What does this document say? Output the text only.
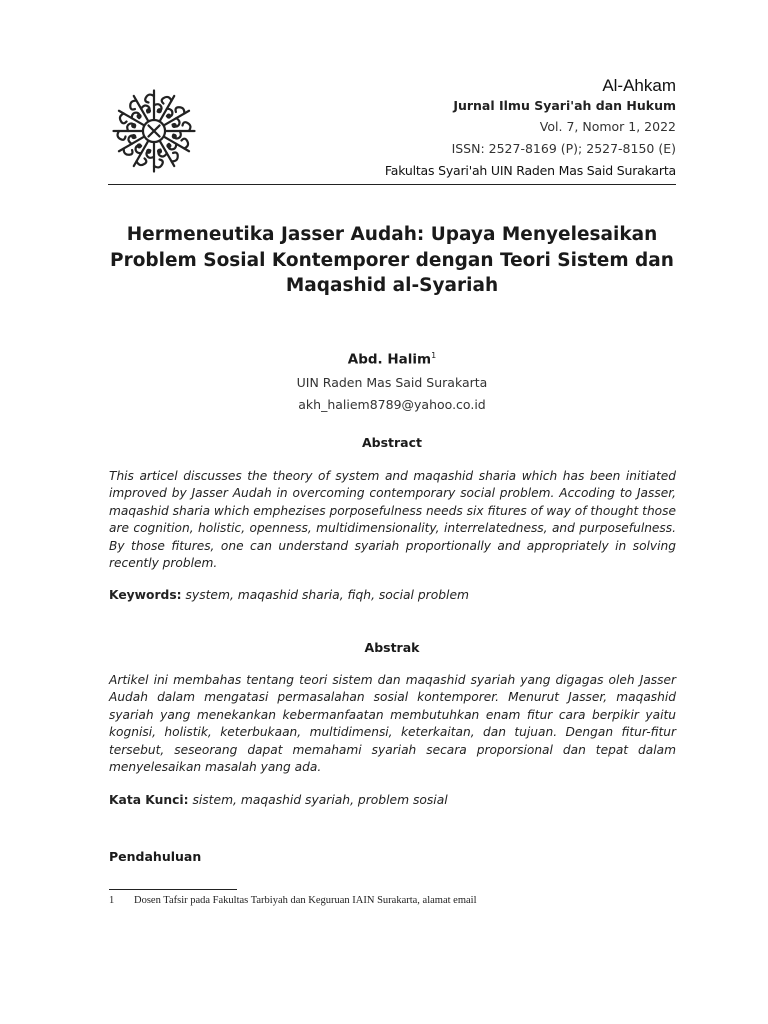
Al-Ahkam
Jurnal Ilmu Syari'ah dan Hukum
Vol. 7, Nomor 1, 2022
ISSN: 2527-8169 (P); 2527-8150 (E)
Fakultas Syari'ah UIN Raden Mas Said Surakarta
Hermeneutika Jasser Audah: Upaya Menyelesaikan Problem Sosial Kontemporer dengan Teori Sistem dan Maqashid al-Syariah
Abd. Halim$^1$
UIN Raden Mas Said Surakarta
akh_haliem8789@yahoo.co.id
Abstract
This articel discusses the theory of system and maqashid sharia which has been initiated improved by Jasser Audah in overcoming contemporary social problem. Accoding to Jasser, maqashid sharia which emphezises porposefulness needs six fitures of way of thought those are cognition, holistic, openness, multidimensionality, interrelatedness, and purposefulness. By those fitures, one can understand syariah proportionally and appropriately in solving recently problem.
Keywords: system, maqashid sharia, fiqh, social problem
Abstrak
Artikel ini membahas tentang teori sistem dan maqashid syariah yang digagas oleh Jasser Audah dalam mengatasi permasalahan sosial kontemporer. Menurut Jasser, maqashid syariah yang menekankan kebermanfaatan membutuhkan enam fitur cara berpikir yaitu kognisi, holistik, keterbukaan, multidimensi, keterkaitan, dan tujuan. Dengan fitur-fitur tersebut, seseorang dapat memahami syariah secara proporsional dan tepat dalam menyelesaikan masalah yang ada.
Kata Kunci: sistem, maqashid syariah, problem sosial
Pendahuluan
1 Dosen Tafsir pada Fakultas Tarbiyah dan Keguruan IAIN Surakarta, alamat email
